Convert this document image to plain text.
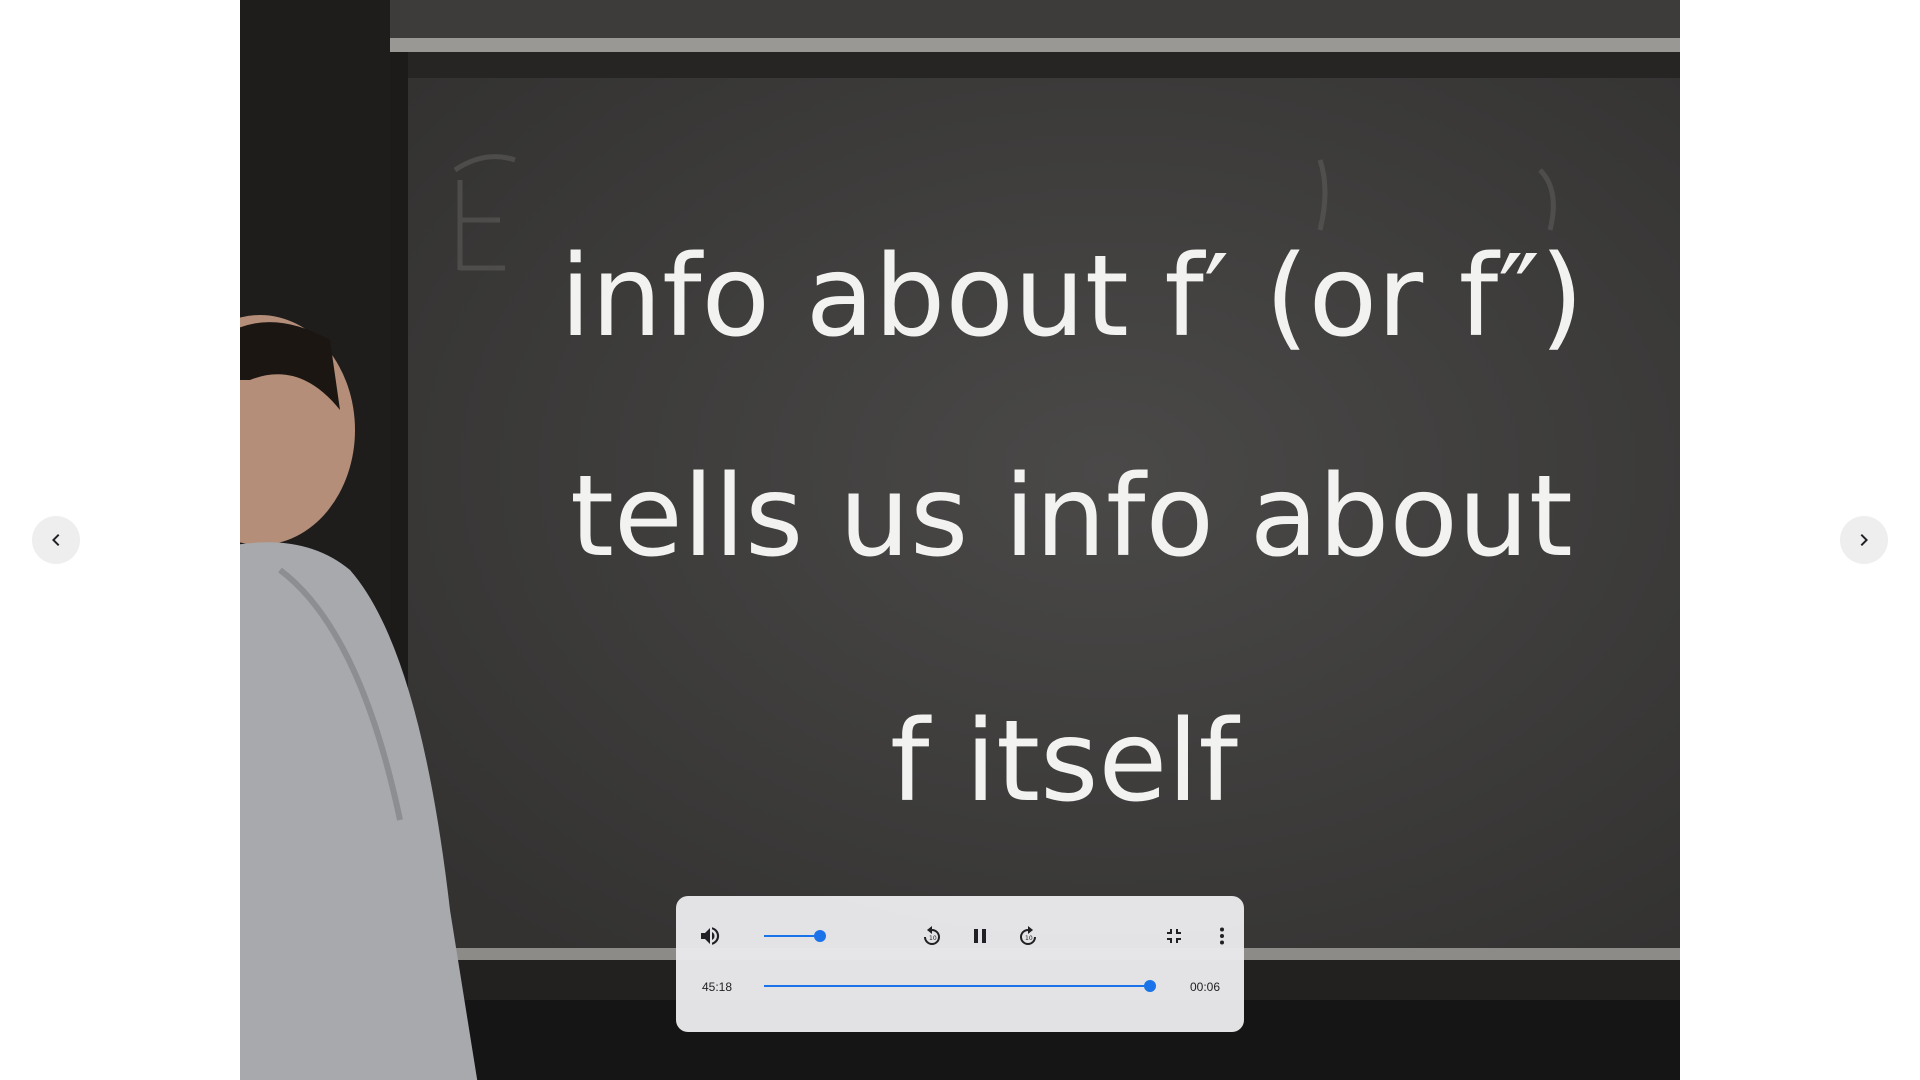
info about f′ (or f″)
tells us info about
f itself
10	10
45:18	00:06
